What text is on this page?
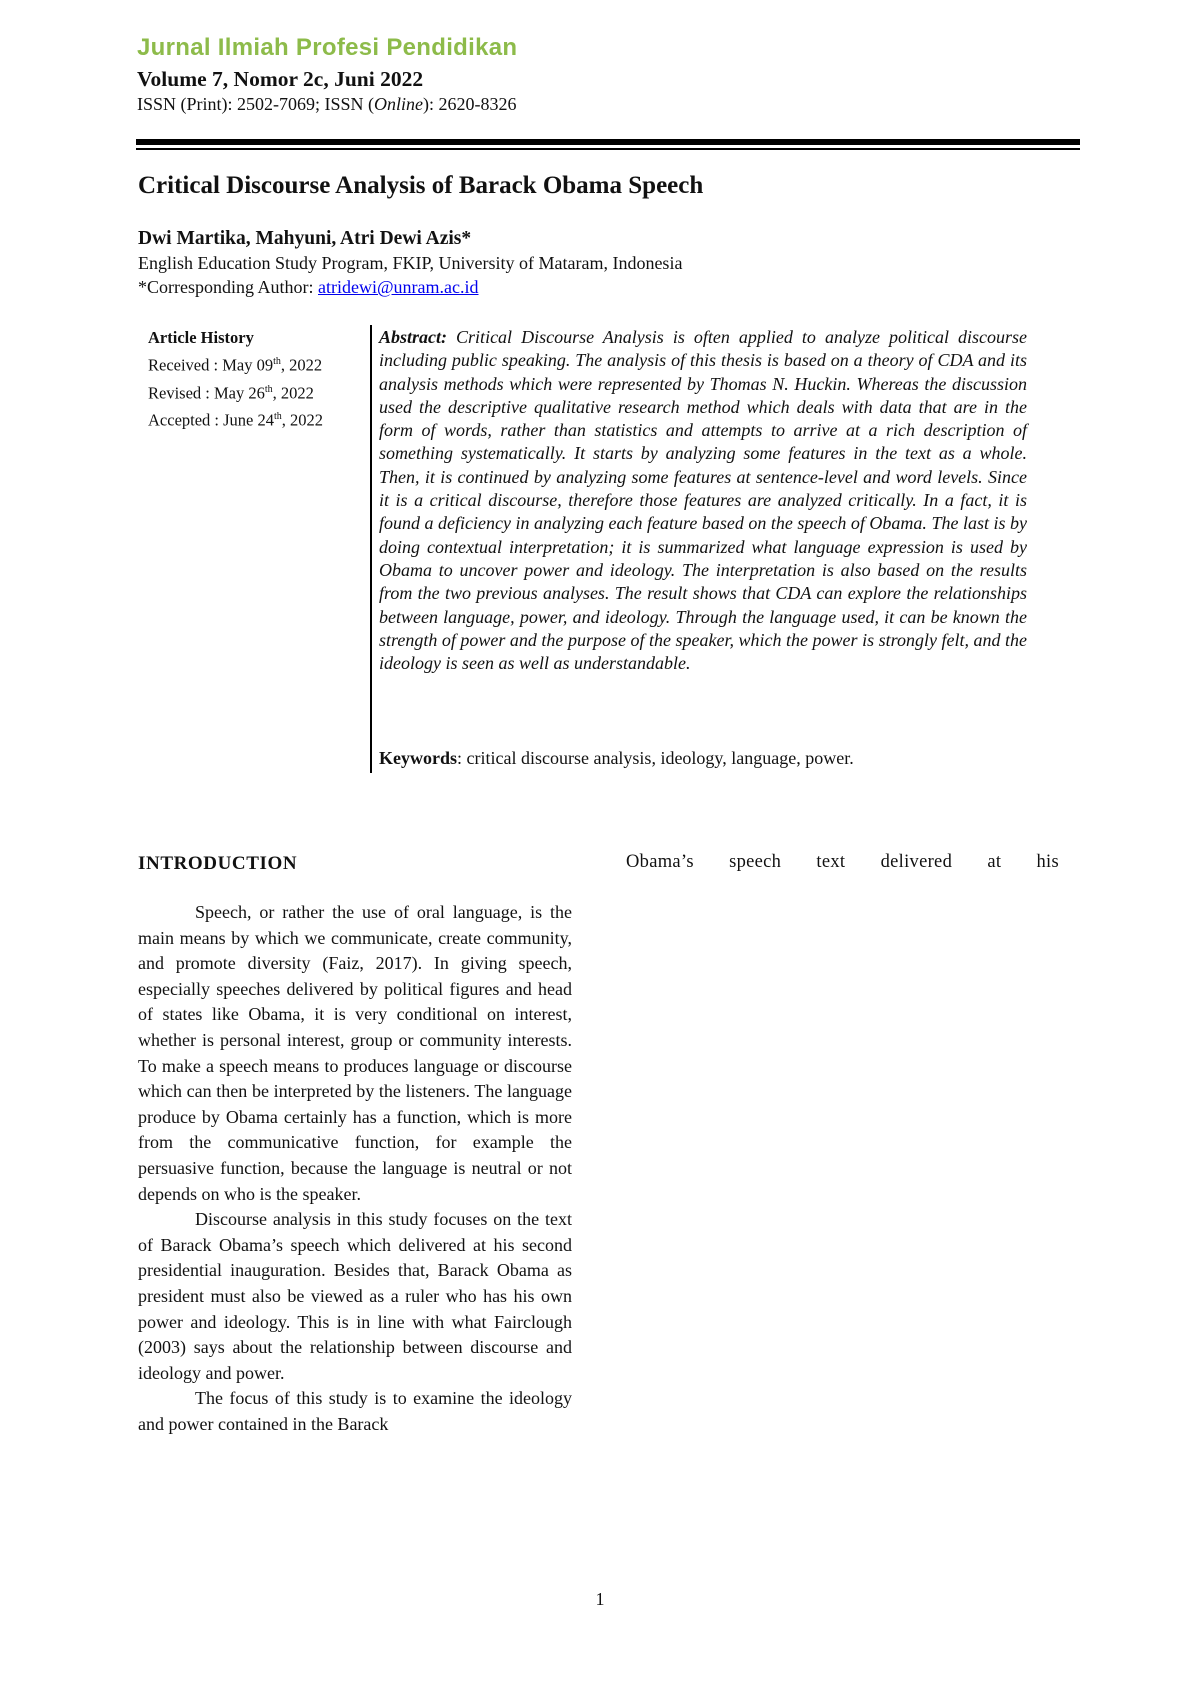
Jurnal Ilmiah Profesi Pendidikan
Volume 7, Nomor 2c, Juni 2022
ISSN (Print): 2502-7069; ISSN (Online): 2620-8326
Critical Discourse Analysis of Barack Obama Speech
Dwi Martika, Mahyuni, Atri Dewi Azis*
English Education Study Program, FKIP, University of Mataram, Indonesia
*Corresponding Author: atridewi@unram.ac.id
Article History
Received : May 09th, 2022
Revised : May 26th, 2022
Accepted : June 24th, 2022
Abstract: Critical Discourse Analysis is often applied to analyze political discourse including public speaking. The analysis of this thesis is based on a theory of CDA and its analysis methods which were represented by Thomas N. Huckin. Whereas the discussion used the descriptive qualitative research method which deals with data that are in the form of words, rather than statistics and attempts to arrive at a rich description of something systematically. It starts by analyzing some features in the text as a whole. Then, it is continued by analyzing some features at sentence-level and word levels. Since it is a critical discourse, therefore those features are analyzed critically. In a fact, it is found a deficiency in analyzing each feature based on the speech of Obama. The last is by doing contextual interpretation; it is summarized what language expression is used by Obama to uncover power and ideology. The interpretation is also based on the results from the two previous analyses. The result shows that CDA can explore the relationships between language, power, and ideology. Through the language used, it can be known the strength of power and the purpose of the speaker, which the power is strongly felt, and the ideology is seen as well as understandable.
Keywords: critical discourse analysis, ideology, language, power.
INTRODUCTION

Speech, or rather the use of oral language, is the main means by which we communicate, create community, and promote diversity (Faiz, 2017). In giving speech, especially speeches delivered by political figures and head of states like Obama, it is very conditional on interest, whether is personal interest, group or community interests. To make a speech means to produces language or discourse which can then be interpreted by the listeners. The language produce by Obama certainly has a function, which is more from the communicative function, for example the persuasive function, because the language is neutral or not depends on who is the speaker.

Discourse analysis in this study focuses on the text of Barack Obama’s speech which delivered at his second presidential inauguration. Besides that, Barack Obama as president must also be viewed as a ruler who has his own power and ideology. This is in line with what Fairclough (2003) says about the relationship between discourse and ideology and power.

The focus of this study is to examine the ideology and power contained in the Barack

Obama’s speech text delivered at his
1
